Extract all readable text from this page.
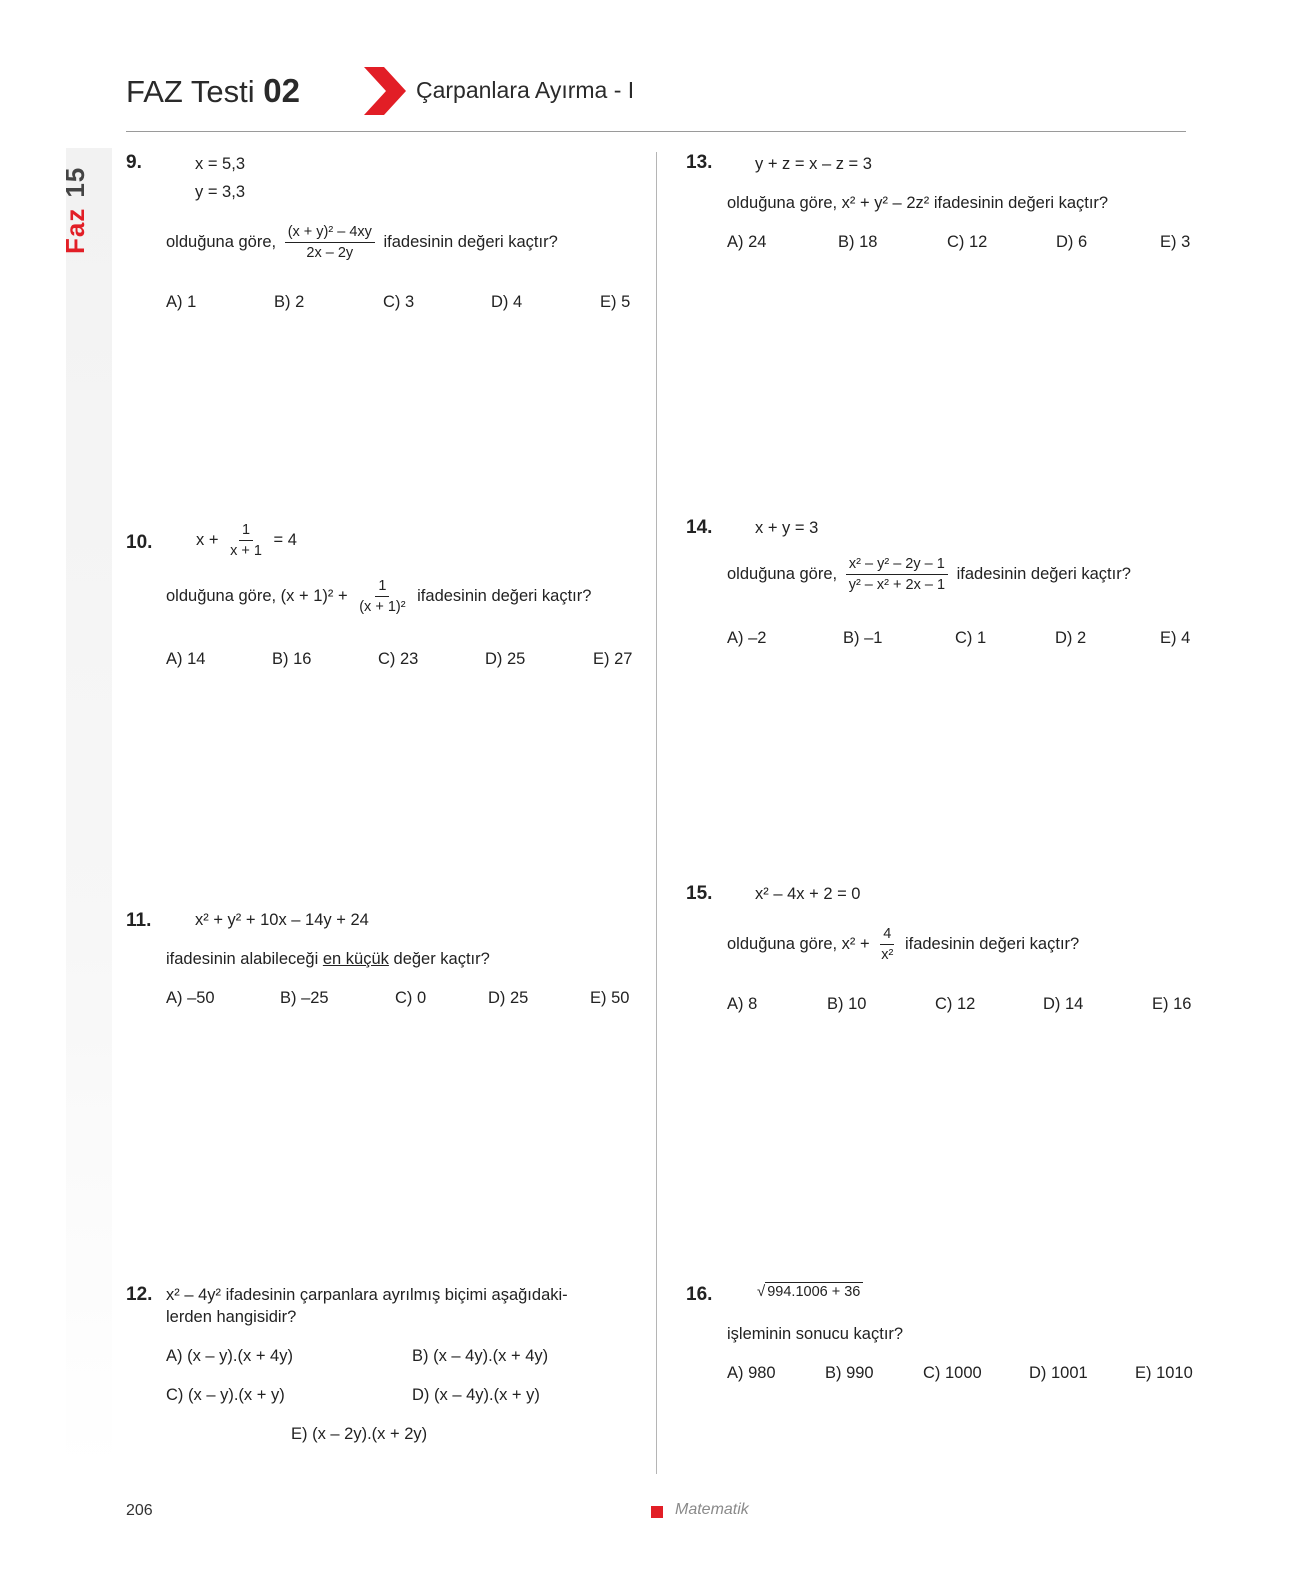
FAZ Testi 02	Çarpanlara Ayırma - I
Faz15
9.	x = 5,3
y = 3,3
olduğuna göre, $\frac{\text{(x + y)² – 4xy}}{2x - 2y}$ ifadesinin değeri kaçtır?
A) 1	B) 2	C) 3	D) 4	E) 5
10.	$x + \frac{1}{x + 1} = 4$
olduğuna göre, $(x + 1)^2 + \frac{1}{\text{(x + 1)²}}$ ifadesinin değeri kaçtır?
A) 14	B) 16	C) 23	D) 25	E) 27
11.	x² + y² + 10x – 14y + 24
ifadesinin alabileceği en küçük değer kaçtır?
A) –50	B) –25	C) 0	D) 25	E) 50
12. x² – 4y² ifadesinin çarpanlara ayrılmış biçimi aşağıdaki-
lerden hangisidir?
A) (x – y).(x + 4y)	B) (x – 4y).(x + 4y)
C) (x – y).(x + y)	D) (x – 4y).(x + y)
E) (x – 2y).(x + 2y)
13.	y + z = x – z = 3
olduğuna göre, x² + y² – 2z² ifadesinin değeri kaçtır?
A) 24	B) 18	C) 12	D) 6	E) 3
14.	x + y = 3
olduğuna göre, $\frac{\text{x² – y² – 2y – 1}}{\text{y² – x² + 2x – 1}}$ ifadesinin değeri kaçtır?
A) –2	B) –1	C) 1	D) 2	E) 4
15.	x² – 4x + 2 = 0
olduğuna göre, $x^2 + \frac{4}{\text{x²}}$ ifadesinin değeri kaçtır?
A) 8	B) 10	C) 12	D) 14	E) 16
16.	√ 994.1006 + 36
işleminin sonucu kaçtır?
A) 980	B) 990	C) 1000	D) 1001	E) 1010
206	Matematik
